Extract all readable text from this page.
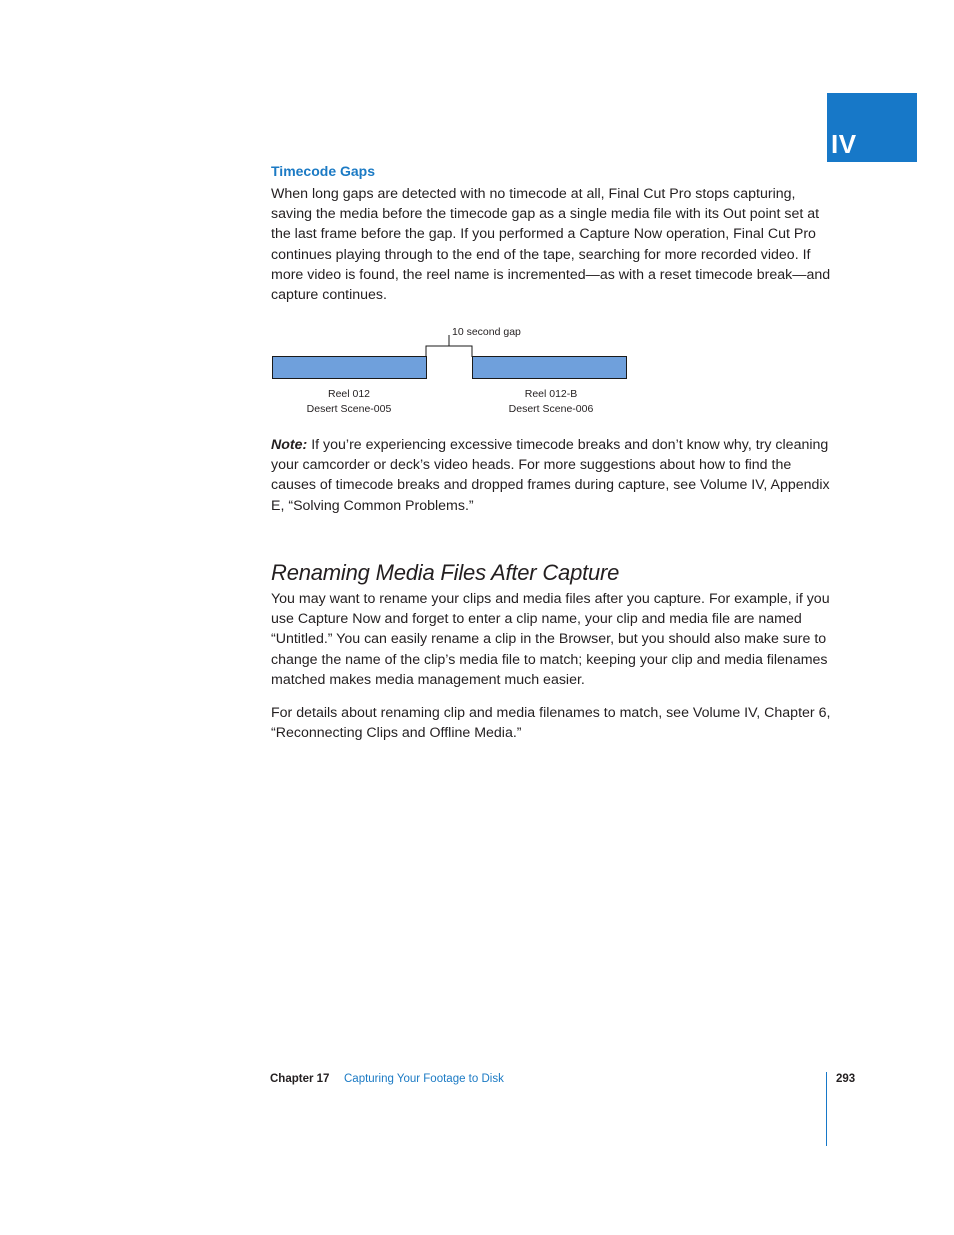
IV
Timecode Gaps

When long gaps are detected with no timecode at all, Final Cut Pro stops capturing, saving the media before the timecode gap as a single media file with its Out point set at the last frame before the gap. If you performed a Capture Now operation, Final Cut Pro continues playing through to the end of the tape, searching for more recorded video. If more video is found, the reel name is incremented—as with a reset timecode break—and capture continues.

10 second gap
Reel 012
Desert Scene-005
Reel 012-B
Desert Scene-006

Note: If you’re experiencing excessive timecode breaks and don’t know why, try cleaning your camcorder or deck’s video heads. For more suggestions about how to find the causes of timecode breaks and dropped frames during capture, see Volume IV, Appendix E, “Solving Common Problems.”

Renaming Media Files After Capture

You may want to rename your clips and media files after you capture. For example, if you use Capture Now and forget to enter a clip name, your clip and media file are named “Untitled.” You can easily rename a clip in the Browser, but you should also make sure to change the name of the clip’s media file to match; keeping your clip and media filenames matched makes media management much easier.

For details about renaming clip and media filenames to match, see Volume IV, Chapter 6, “Reconnecting Clips and Offline Media.”

Chapter 17 Capturing Your Footage to Disk	293
